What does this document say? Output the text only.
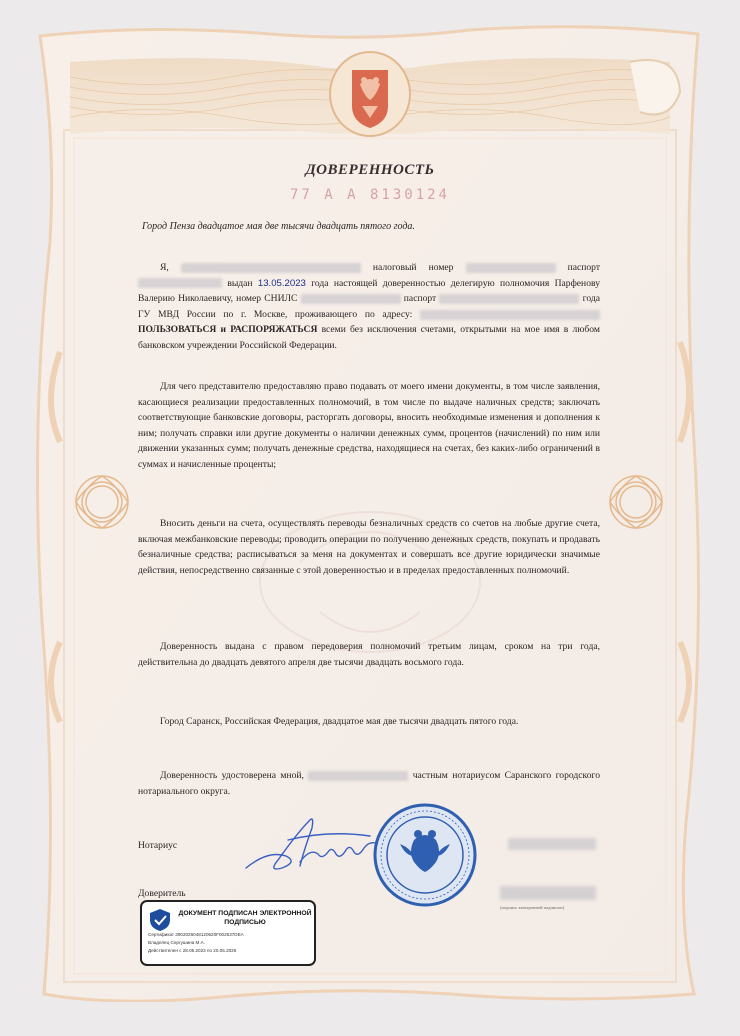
ДОВЕРЕННОСТЬ
77 А А 8130124
Город Пенза двадцатое мая две тысячи двадцать пятого года.
Я,	налоговый номер	паспорт  выдан 13.05.2023 года настоящей доверенностью делегирую полномочия Парфенову Валерию Николаевичу, номер СНИЛС	паспорт	года ГУ МВД России по г. Москве, проживающего по адресу:  ПОЛЬЗОВАТЬСЯ и РАСПОРЯЖАТЬСЯ всеми без исключения счетами, открытыми на мое имя в любом банковском учреждении Российской Федерации.
Для чего представителю предоставляю право подавать от моего имени документы, в том числе заявления, касающиеся реализации предоставленных полномочий, в том числе по выдаче наличных средств; заключать соответствующие банковские договоры, расторгать договоры, вносить необходимые изменения и дополнения к ним; получать справки или другие документы о наличии денежных сумм, процентов (начислений) по ним или движении указанных сумм; получать денежные средства, находящиеся на счетах, без каких-либо ограничений в суммах и начисленные проценты;
Вносить деньги на счета, осуществлять переводы безналичных средств со счетов на любые другие счета, включая межбанковские переводы; проводить операции по получению денежных средств, покупать и продавать безналичные средства; расписываться за меня на документах и совершать все другие юридически значимые действия, непосредственно связанные с этой доверенностью и в пределах предоставленных полномочий.
Доверенность выдана с правом передоверия полномочий третьим лицам, сроком на три года, действительна до двадцать девятого апреля две тысячи двадцать восьмого года.
Город Саранск, Российская Федерация, двадцатое мая две тысячи двадцать пятого года.
Доверенность удостоверена мной,	частным нотариусом Саранского городского нотариального округа.
Нотариус
Доверитель
(подпись электронной подписью)
ДОКУМЕНТ ПОДПИСАН ЭЛЕКТРОННОЙ ПОДПИСЬЮ
Сертификат 3902026048120620F002537DEA
Владелец Сергушина М.А.
Действителен с 28.05.2023 по 20.05.2026
